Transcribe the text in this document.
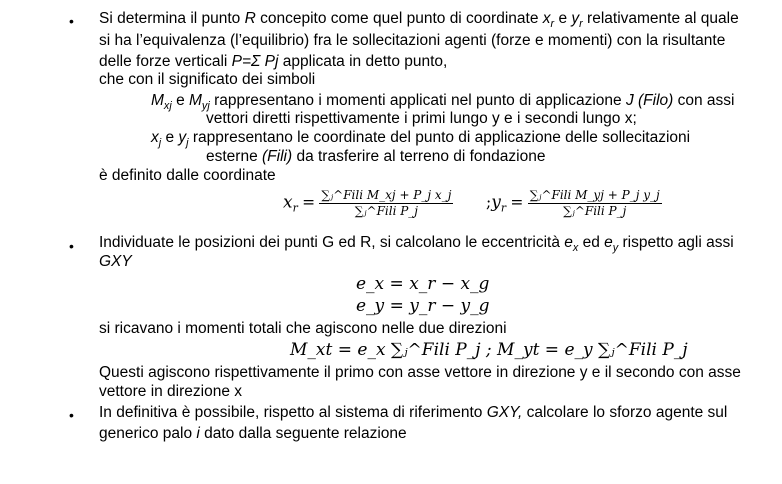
• Si determina il punto R concepito come quel punto di coordinate $x_r$ e $y_r$ relativamente al quale
si ha l’equivalenza (l’equilibrio) fra le sollecitazioni agenti (forze e momenti) con la risultante
delle forze verticali P=Σ Pj applicata in detto punto,
che con il significato dei simboli
$M_{xj}$ e $M_{yj}$ rappresentano i momenti applicati nel punto di applicazione J (Filo) con assi
vettori diretti rispettivamente i primi lungo y e i secondi lungo x;
$x_j$ e $y_j$ rappresentano le coordinate del punto di applicazione delle sollecitazioni
esterne (Fili) da trasferire al terreno di fondazione
è definito dalle coordinate
$x_r = \frac{\text{∑ⱼ\textasciicircum{}Fili M\_xj + P\_j x\_j}}{\text{∑ⱼ\textasciicircum{}Fili P\_j}}$ $;y_r = \frac{\text{∑ⱼ\textasciicircum{}Fili M\_yj + P\_j y\_j}}{\text{∑ⱼ\textasciicircum{}Fili P\_j}}$
• Individuate le posizioni dei punti G ed R, si calcolano le eccentricità $e_x$ ed $e_y$ rispetto agli assi
GXY
e_x = x_r − x_g
e_y = y_r − y_g
si ricavano i momenti totali che agiscono nelle due direzioni
M_xt = e_x ∑ⱼ^Fili P_j ; M_yt = e_y ∑ⱼ^Fili P_j
Questi agiscono rispettivamente il primo con asse vettore in direzione y e il secondo con asse
vettore in direzione x
• In definitiva è possibile, rispetto al sistema di riferimento GXY, calcolare lo sforzo agente sul
generico palo i dato dalla seguente relazione
